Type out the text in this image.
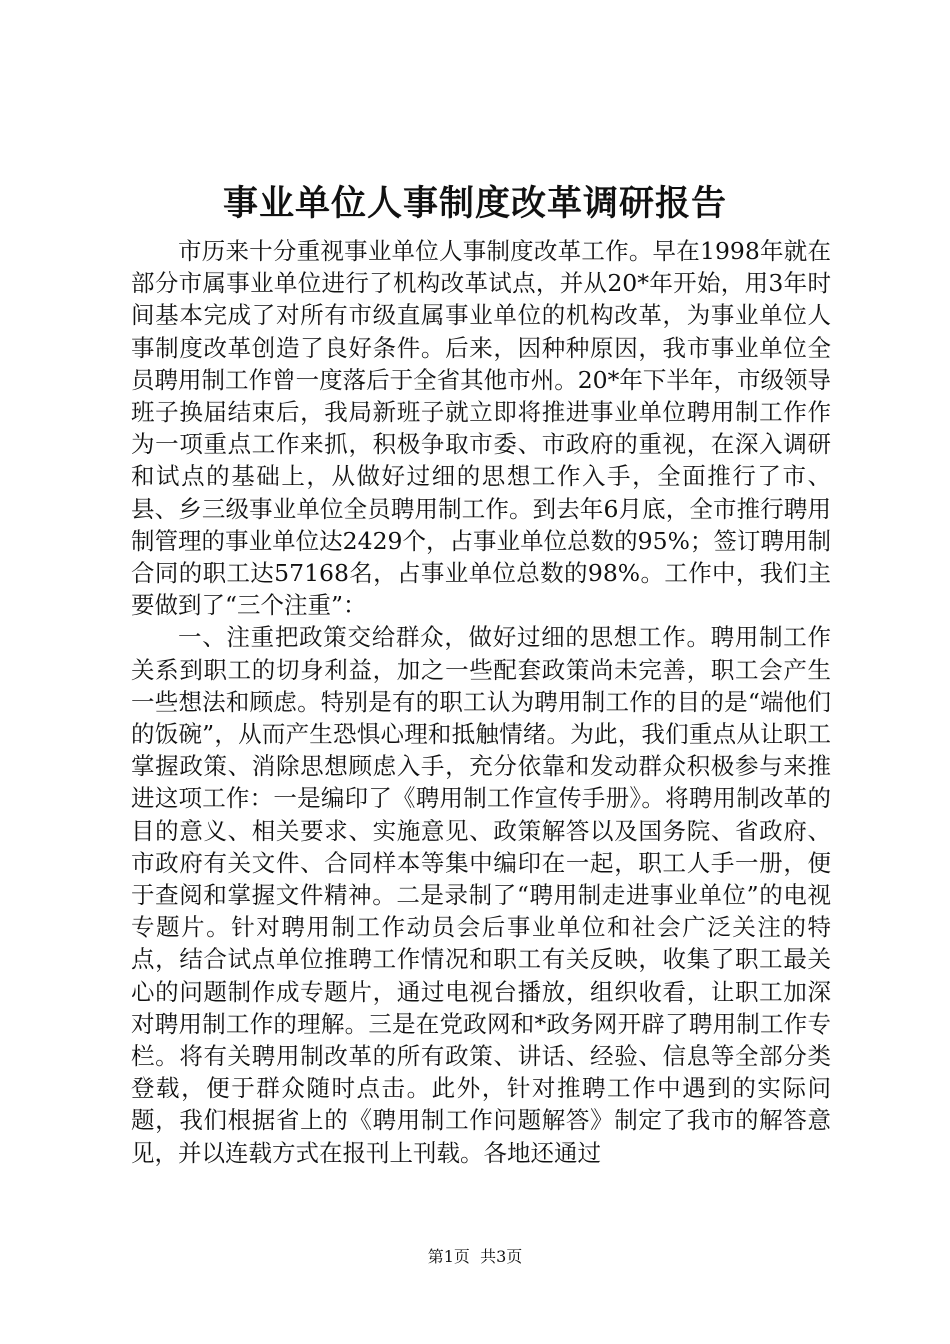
事业单位人事制度改革调研报告

市历来十分重视事业单位人事制度改革工作。早在1998年就在部分市属事业单位进行了机构改革试点，并从20*年开始，用3年时间基本完成了对所有市级直属事业单位的机构改革，为事业单位人事制度改革创造了良好条件。后来，因种种原因，我市事业单位全员聘用制工作曾一度落后于全省其他市州。20*年下半年，市级领导班子换届结束后，我局新班子就立即将推进事业单位聘用制工作作为一项重点工作来抓，积极争取市委、市政府的重视，在深入调研和试点的基础上，从做好过细的思想工作入手，全面推行了市、县、乡三级事业单位全员聘用制工作。到去年6月底，全市推行聘用制管理的事业单位达2429个，占事业单位总数的95%；签订聘用制合同的职工达57168名，占事业单位总数的98%。工作中，我们主要做到了“三个注重”：

一、注重把政策交给群众，做好过细的思想工作。聘用制工作关系到职工的切身利益，加之一些配套政策尚未完善，职工会产生一些想法和顾虑。特别是有的职工认为聘用制工作的目的是“端他们的饭碗”，从而产生恐惧心理和抵触情绪。为此，我们重点从让职工掌握政策、消除思想顾虑入手，充分依靠和发动群众积极参与来推进这项工作：一是编印了《聘用制工作宣传手册》。将聘用制改革的目的意义、相关要求、实施意见、政策解答以及国务院、省政府、市政府有关文件、合同样本等集中编印在一起，职工人手一册，便于查阅和掌握文件精神。二是录制了“聘用制走进事业单位”的电视专题片。针对聘用制工作动员会后事业单位和社会广泛关注的特点，结合试点单位推聘工作情况和职工有关反映，收集了职工最关心的问题制作成专题片，通过电视台播放，组织收看，让职工加深对聘用制工作的理解。三是在党政网和*政务网开辟了聘用制工作专栏。将有关聘用制改革的所有政策、讲话、经验、信息等全部分类登载，便于群众随时点击。此外，针对推聘工作中遇到的实际问题，我们根据省上的《聘用制工作问题解答》制定了我市的解答意见，并以连载方式在报刊上刊载。各地还通过

第1页 共3页
